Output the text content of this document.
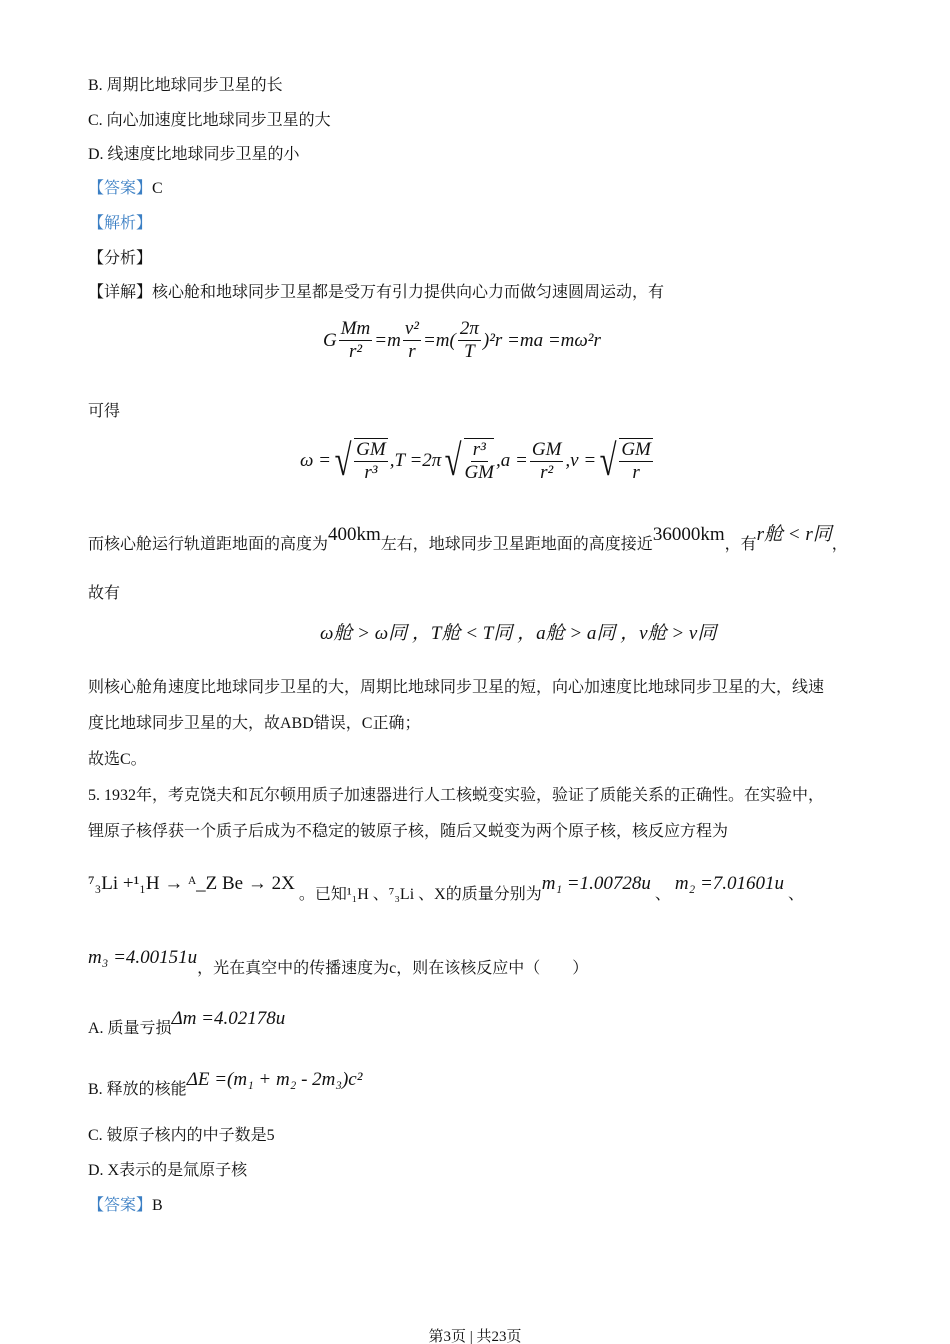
B. 周期比地球同步卫星的长
C. 向心加速度比地球同步卫星的大
D. 线速度比地球同步卫星的小
【答案】C
【解析】
【分析】
【详解】核心舱和地球同步卫星都是受万有引力提供向心力而做匀速圆周运动，有
G $\frac{Mm}{\text{r²}} =m \frac{\text{v²}}{r} =m( \frac{2\pi}{T} )^2r =ma =m\omega^2r$
可得
ω = √ $\frac{GM}{\text{r³}} ,T =2\pi$ √ $\frac{\text{r³}}{GM} ,a = \frac{GM}{\text{r²}} ,v$ = √ $\frac{GM}{r}$
而核心舱运行轨道距地面的高度为400km左右，地球同步卫星距地面的高度接近36000km，有r舱 < r同，
故有
ω舱 > ω同 ，T舱 < T同 ，a舱 > a同 ，v舱 > v同
则核心舱角速度比地球同步卫星的大，周期比地球同步卫星的短，向心加速度比地球同步卫星的大，线速
度比地球同步卫星的大，故ABD错误，C正确；
故选C。
5. 1932年，考克饶夫和瓦尔顿用质子加速器进行人工核蜕变实验，验证了质能关系的正确性。在实验中，
锂原子核俘获一个质子后成为不稳定的铍原子核，随后又蜕变为两个原子核，核反应方程为
⁷₃Li +¹₁H → ᴬ_Z Be → 2X 。已知¹₁H 、⁷₃Li 、X的质量分别为m₁ =1.00728u 、 m₂ =7.01601u 、
m₃ =4.00151u，光在真空中的传播速度为c，则在该核反应中（　　）
A. 质量亏损Δm =4.02178u
B. 释放的核能ΔE =(m₁ + m₂ - 2m₃)c²
C. 铍原子核内的中子数是5
D. X表示的是氚原子核
【答案】B
第3页 | 共23页
